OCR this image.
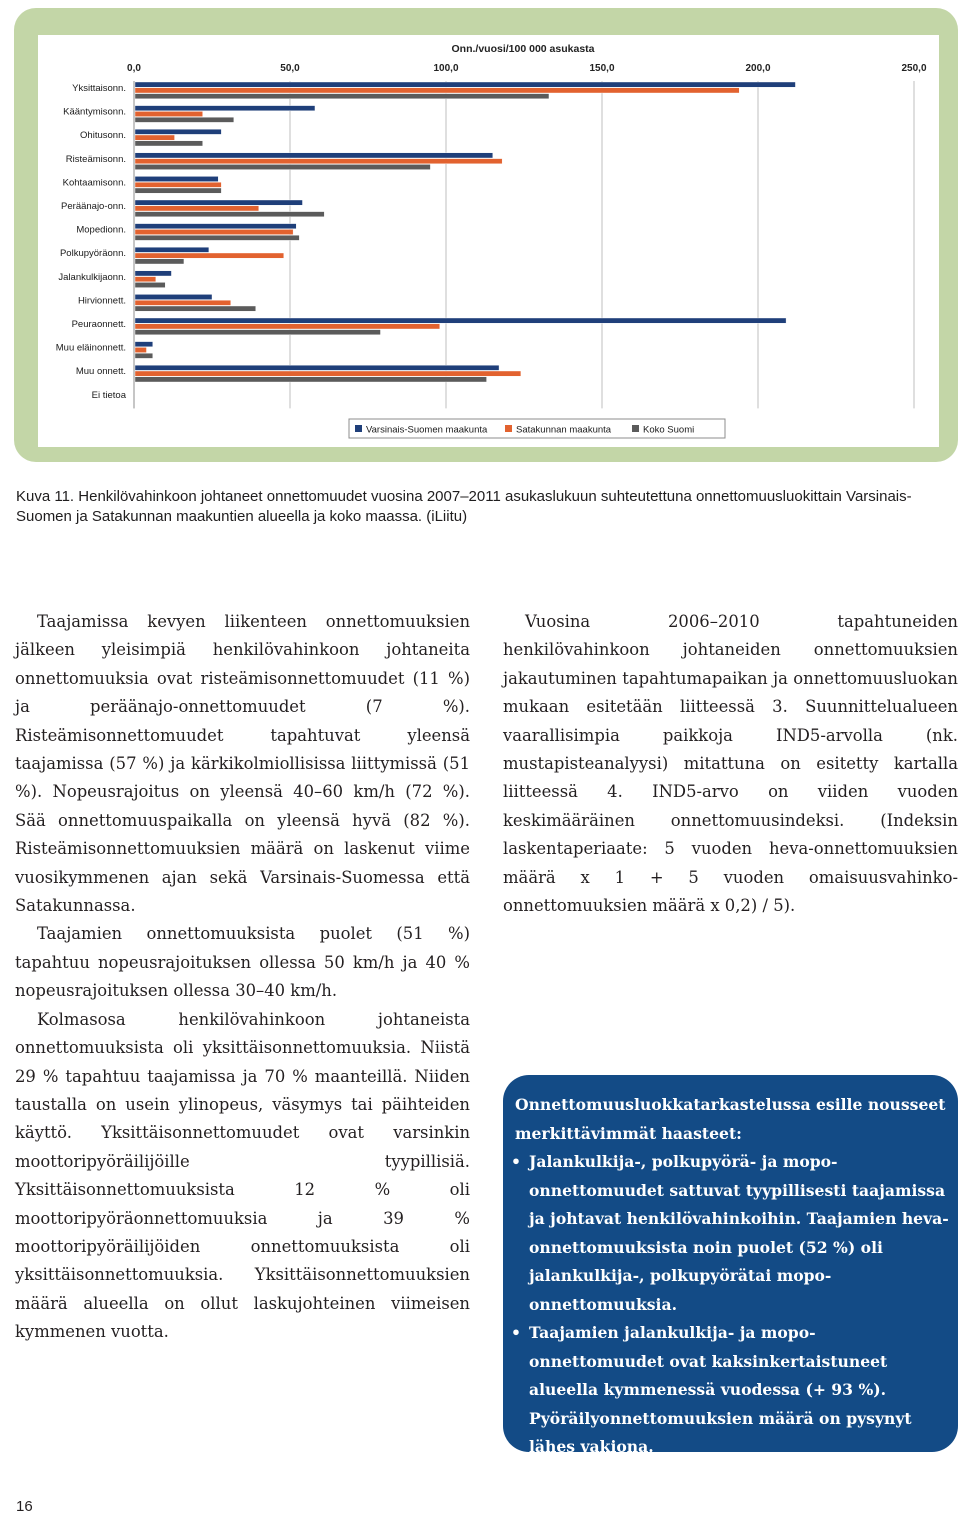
0,0	50,0	100,0	150,0	200,0	250,0
Onn./vuosi/100 000 asukasta
Yksittaisonn.
Kääntymisonn.
Ohitusonn.
Risteämisonn.
Kohtaamisonn.
Peräänajo-onn.
Mopedionn.
Polkupyöräonn.
Jalankulkijaonn.
Hirvionnett.
Peuraonnett.
Muu eläinonnett.
Muu onnett.
Ei tietoa
Varsinais-Suomen maakunta	Satakunnan maakunta	Koko Suomi
Kuva 11. Henkilövahinkoon johtaneet onnettomuudet vuosina 2007–2011 asukaslukuun suhteutettuna onnettomuusluokittain Varsinais-Suomen ja Satakunnan maakuntien alueella ja koko maassa. (iLiitu)

Taajamissa kevyen liikenteen onnettomuuksien jälkeen yleisimpiä henkilövahinkoon johtaneita onnettomuuksia ovat risteämisonnettomuudet (11 %) ja peräänajo-onnettomuudet (7 %). Risteämisonnettomuudet tapahtuvat yleensä taajamissa (57 %) ja kärkikolmiollisissa liittymissä (51 %). Nopeusrajoitus on yleensä 40–60 km/h (72 %). Sää onnettomuuspaikalla on yleensä hyvä (82 %). Risteämisonnettomuuksien määrä on laskenut viime vuosikymmenen ajan sekä Varsinais-Suomessa että Satakunnassa.

Taajamien onnettomuuksista puolet (51 %) tapahtuu nopeusrajoituksen ollessa 50 km/h ja 40 % nopeusrajoituksen ollessa 30–40 km/h.

Kolmasosa henkilövahinkoon johtaneista onnettomuuksista oli yksittäisonnettomuuksia. Niistä 29 % tapahtuu taajamissa ja 70 % maanteillä. Niiden taustalla on usein ylinopeus, väsymys tai päihteiden käyttö. Yksittäisonnettomuudet ovat varsinkin moottoripyöräilijöille tyypillisiä. Yksittäisonnettomuuksista 12 % oli moottoripyöräonnettomuuksia ja 39 % moottoripyöräilijöiden onnettomuuksista oli yksittäisonnettomuuksia. Yksittäisonnettomuuksien määrä alueella on ollut laskujohteinen viimeisen kymmenen vuotta.

Vuosina 2006–2010 tapahtuneiden henkilövahinkoon johtaneiden onnettomuuksien jakautuminen tapahtumapaikan ja onnettomuusluokan mukaan esitetään liitteessä 3. Suunnittelualueen vaarallisimpia paikkoja IND5-arvolla (nk. mustapisteanalyysi) mitattuna on esitetty kartalla liitteessä 4. IND5-arvo on viiden vuoden keskimääräinen onnettomuusindeksi. (Indeksin laskentaperiaate: 5 vuoden heva-onnettomuuksien määrä x 1 + 5 vuoden omaisuusvahinko-onnettomuuksien määrä x 0,2) / 5).

Onnettomuusluokkatarkastelussa esille nousseet merkittävimmät haasteet:
• Jalankulkija-, polkupyörä- ja mopo-onnettomuudet sattuvat tyypillisesti taajamissa ja johtavat henkilövahinkoihin. Taajamien heva-onnettomuuksista noin puolet (52 %) oli jalankulkija-, polkupyörätai mopo-onnettomuuksia.
• Taajamien jalankulkija- ja mopo-onnettomuudet ovat kaksinkertaistuneet alueella kymmenessä vuodessa (+ 93 %). Pyöräilyonnettomuuksien määrä on pysynyt lähes vakiona.
16
